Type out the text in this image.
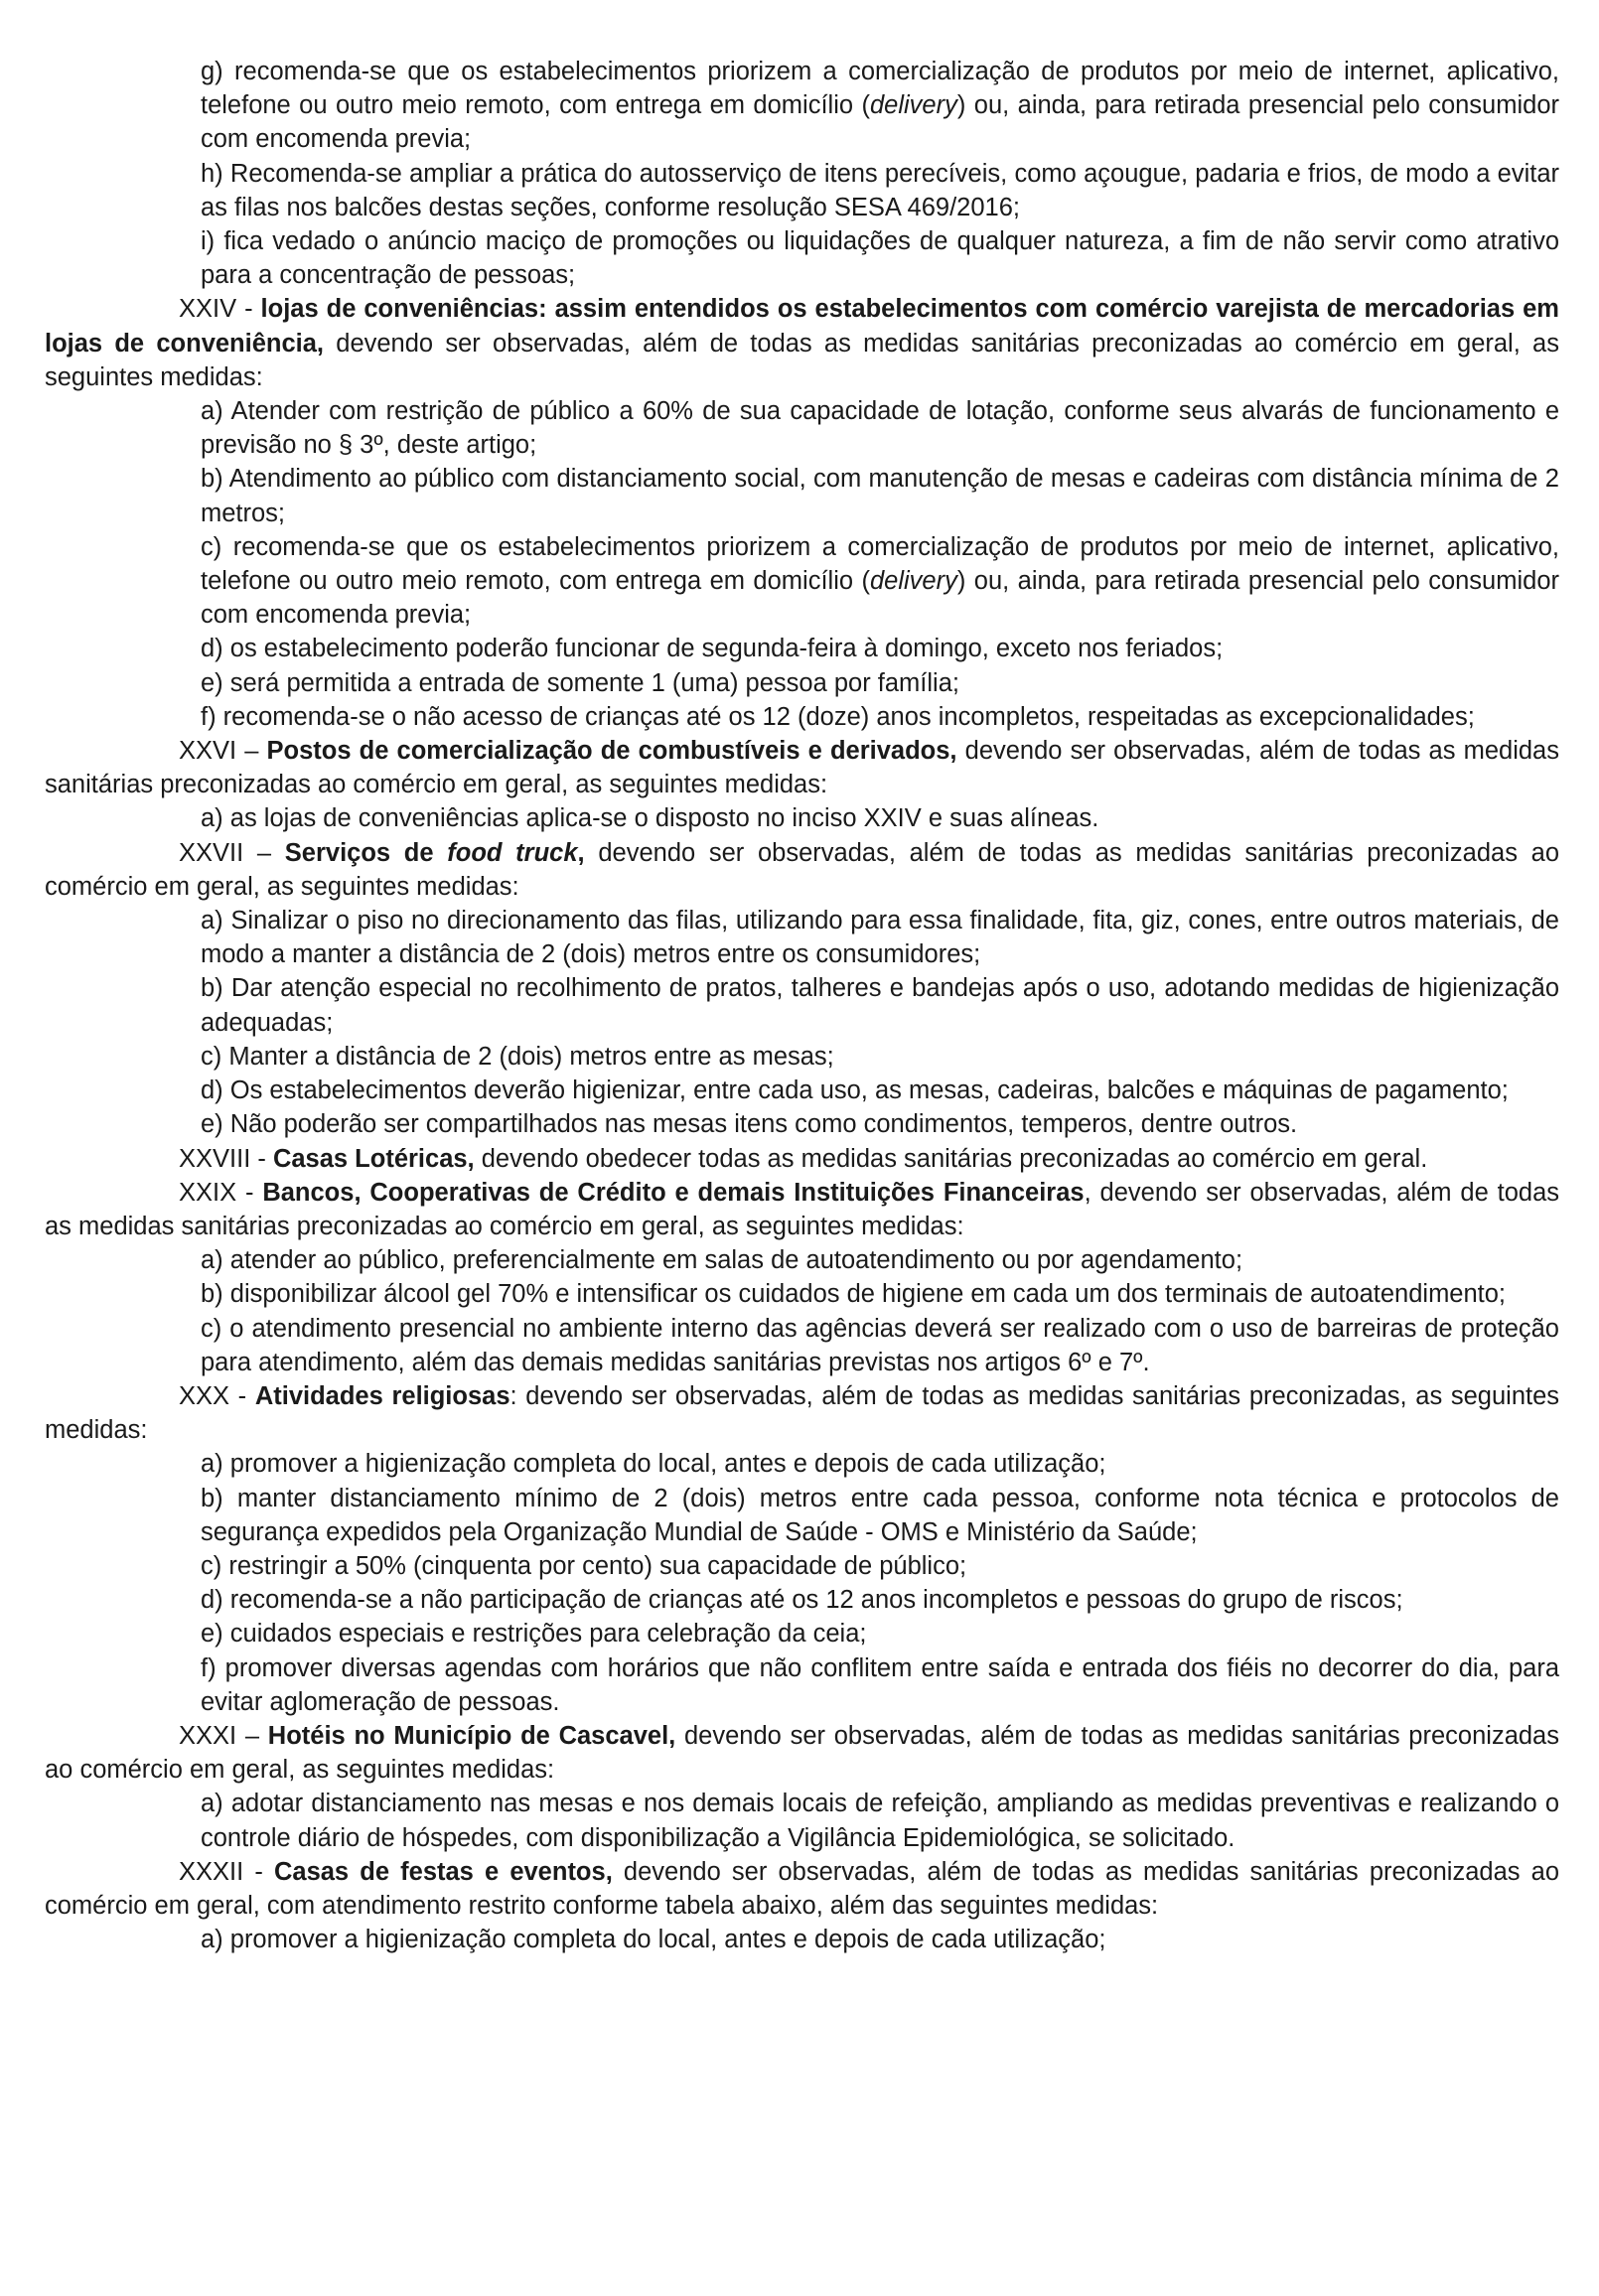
g) recomenda-se que os estabelecimentos priorizem a comercialização de produtos por meio de internet, aplicativo, telefone ou outro meio remoto, com entrega em domicílio (delivery) ou, ainda, para retirada presencial pelo consumidor com encomenda previa;

h) Recomenda-se ampliar a prática do autosserviço de itens perecíveis, como açougue, padaria e frios, de modo a evitar as filas nos balcões destas seções, conforme resolução SESA 469/2016;

i) fica vedado o anúncio maciço de promoções ou liquidações de qualquer natureza, a fim de não servir como atrativo para a concentração de pessoas;

XXIV - lojas de conveniências: assim entendidos os estabelecimentos com comércio varejista de mercadorias em lojas de conveniência, devendo ser observadas, além de todas as medidas sanitárias preconizadas ao comércio em geral, as seguintes medidas:

a) Atender com restrição de público a 60% de sua capacidade de lotação, conforme seus alvarás de funcionamento e previsão no § 3º, deste artigo;

b) Atendimento ao público com distanciamento social, com manutenção de mesas e cadeiras com distância mínima de 2 metros;

c) recomenda-se que os estabelecimentos priorizem a comercialização de produtos por meio de internet, aplicativo, telefone ou outro meio remoto, com entrega em domicílio (delivery) ou, ainda, para retirada presencial pelo consumidor com encomenda previa;

d) os estabelecimento poderão funcionar de segunda-feira à domingo, exceto nos feriados;

e) será permitida a entrada de somente 1 (uma) pessoa por família;

f) recomenda-se o não acesso de crianças até os 12 (doze) anos incompletos, respeitadas as excepcionalidades;

XXVI – Postos de comercialização de combustíveis e derivados, devendo ser observadas, além de todas as medidas sanitárias preconizadas ao comércio em geral, as seguintes medidas:

a) as lojas de conveniências aplica-se o disposto no inciso XXIV e suas alíneas.

XXVII – Serviços de food truck, devendo ser observadas, além de todas as medidas sanitárias preconizadas ao comércio em geral, as seguintes medidas:

a) Sinalizar o piso no direcionamento das filas, utilizando para essa finalidade, fita, giz, cones, entre outros materiais, de modo a manter a distância de 2 (dois) metros entre os consumidores;

b) Dar atenção especial no recolhimento de pratos, talheres e bandejas após o uso, adotando medidas de higienização adequadas;

c) Manter a distância de 2 (dois) metros entre as mesas;

d) Os estabelecimentos deverão higienizar, entre cada uso, as mesas, cadeiras, balcões e máquinas de pagamento;

e) Não poderão ser compartilhados nas mesas itens como condimentos, temperos, dentre outros.

XXVIII - Casas Lotéricas, devendo obedecer todas as medidas sanitárias preconizadas ao comércio em geral.

XXIX - Bancos, Cooperativas de Crédito e demais Instituições Financeiras, devendo ser observadas, além de todas as medidas sanitárias preconizadas ao comércio em geral, as seguintes medidas:

a) atender ao público, preferencialmente em salas de autoatendimento ou por agendamento;

b) disponibilizar álcool gel 70% e intensificar os cuidados de higiene em cada um dos terminais de autoatendimento;

c) o atendimento presencial no ambiente interno das agências deverá ser realizado com o uso de barreiras de proteção para atendimento, além das demais medidas sanitárias previstas nos artigos 6º e 7º.

XXX - Atividades religiosas: devendo ser observadas, além de todas as medidas sanitárias preconizadas, as seguintes medidas:

a) promover a higienização completa do local, antes e depois de cada utilização;

b) manter distanciamento mínimo de 2 (dois) metros entre cada pessoa, conforme nota técnica e protocolos de segurança expedidos pela Organização Mundial de Saúde - OMS e Ministério da Saúde;

c) restringir a 50% (cinquenta por cento) sua capacidade de público;

d) recomenda-se a não participação de crianças até os 12 anos incompletos e pessoas do grupo de riscos;

e) cuidados especiais e restrições para celebração da ceia;

f) promover diversas agendas com horários que não conflitem entre saída e entrada dos fiéis no decorrer do dia, para evitar aglomeração de pessoas.

XXXI – Hotéis no Município de Cascavel, devendo ser observadas, além de todas as medidas sanitárias preconizadas ao comércio em geral, as seguintes medidas:

a) adotar distanciamento nas mesas e nos demais locais de refeição, ampliando as medidas preventivas e realizando o controle diário de hóspedes, com disponibilização a Vigilância Epidemiológica, se solicitado.

XXXII - Casas de festas e eventos, devendo ser observadas, além de todas as medidas sanitárias preconizadas ao comércio em geral, com atendimento restrito conforme tabela abaixo, além das seguintes medidas:

a) promover a higienização completa do local, antes e depois de cada utilização;
